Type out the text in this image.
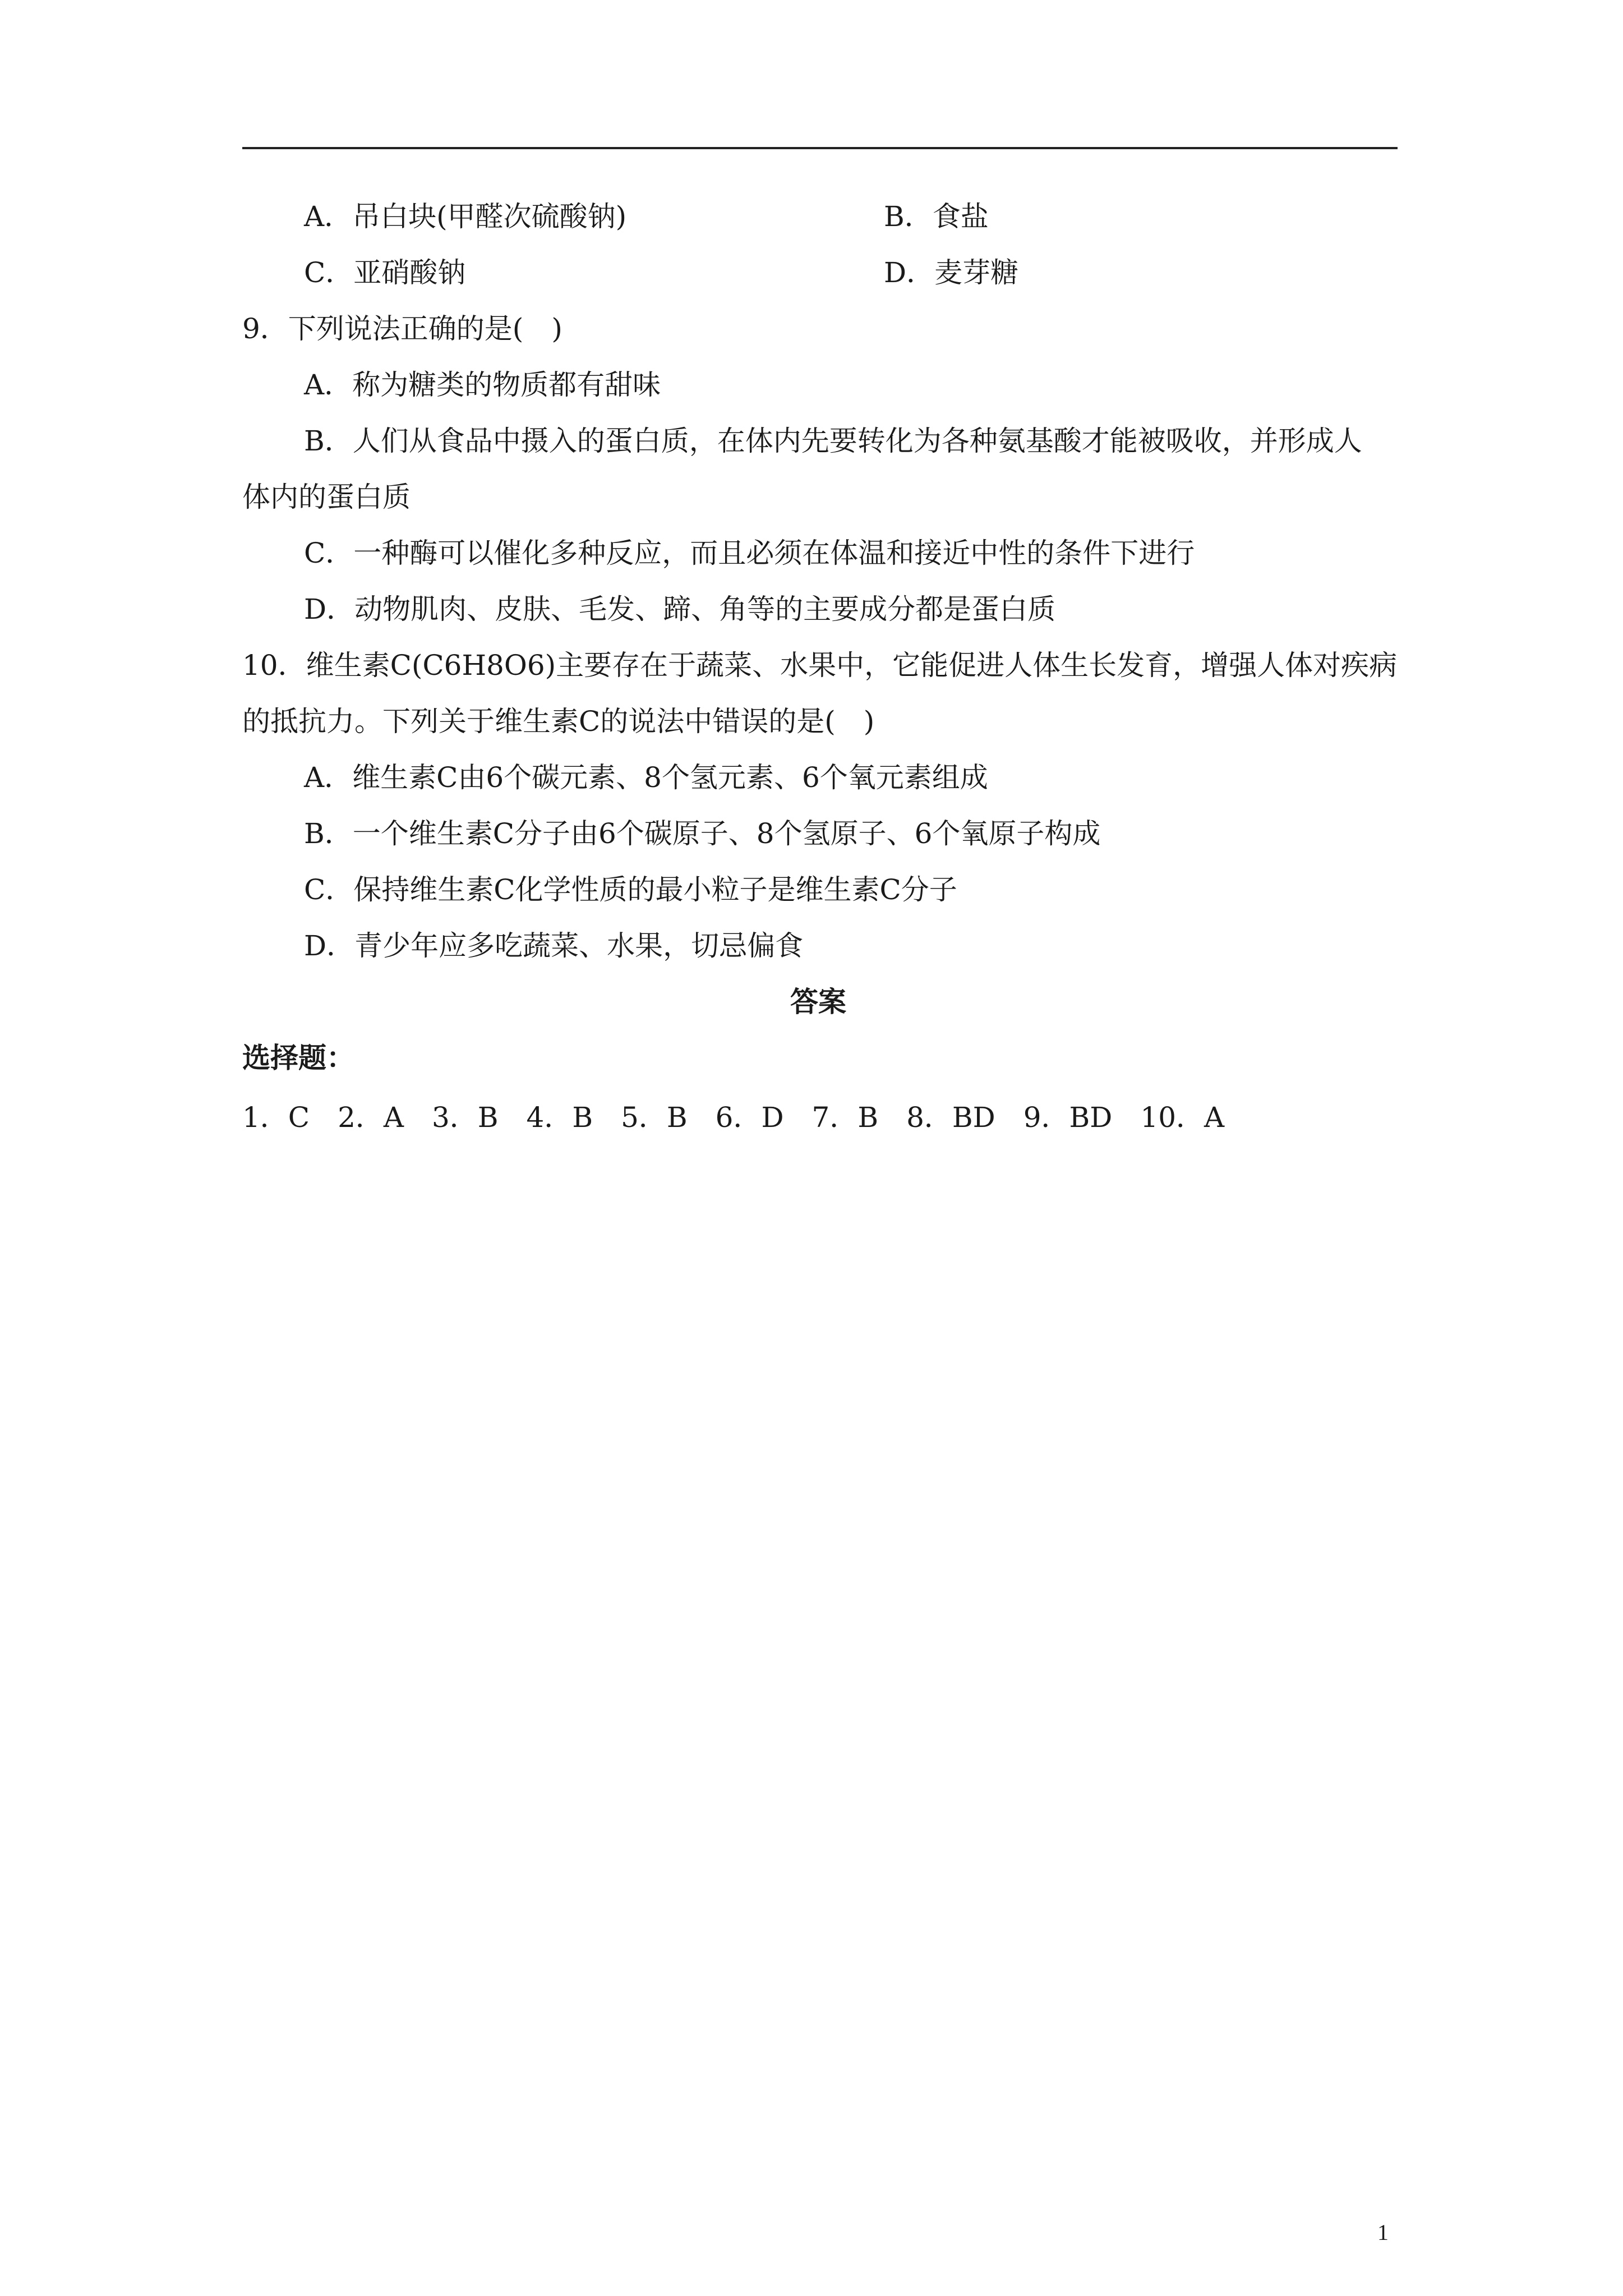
A．吊白块(甲醛次硫酸钠)	B．食盐
C．亚硝酸钠	D．麦芽糖
9．下列说法正确的是(　)
A．称为糖类的物质都有甜味
B．人们从食品中摄入的蛋白质，在体内先要转化为各种氨基酸才能被吸收，并形成人
体内的蛋白质
C．一种酶可以催化多种反应，而且必须在体温和接近中性的条件下进行
D．动物肌肉、皮肤、毛发、蹄、角等的主要成分都是蛋白质
10．维生素C(C6H8O6)主要存在于蔬菜、水果中，它能促进人体生长发育，增强人体对疾病
的抵抗力。下列关于维生素C的说法中错误的是(　)
A．维生素C由6个碳元素、8个氢元素、6个氧元素组成
B．一个维生素C分子由6个碳原子、8个氢原子、6个氧原子构成
C．保持维生素C化学性质的最小粒子是维生素C分子
D．青少年应多吃蔬菜、水果，切忌偏食
答案
选择题：
1．C　2．A　3．B　4．B　5．B　6．D　7．B　8．BD　9．BD　10．A
1
